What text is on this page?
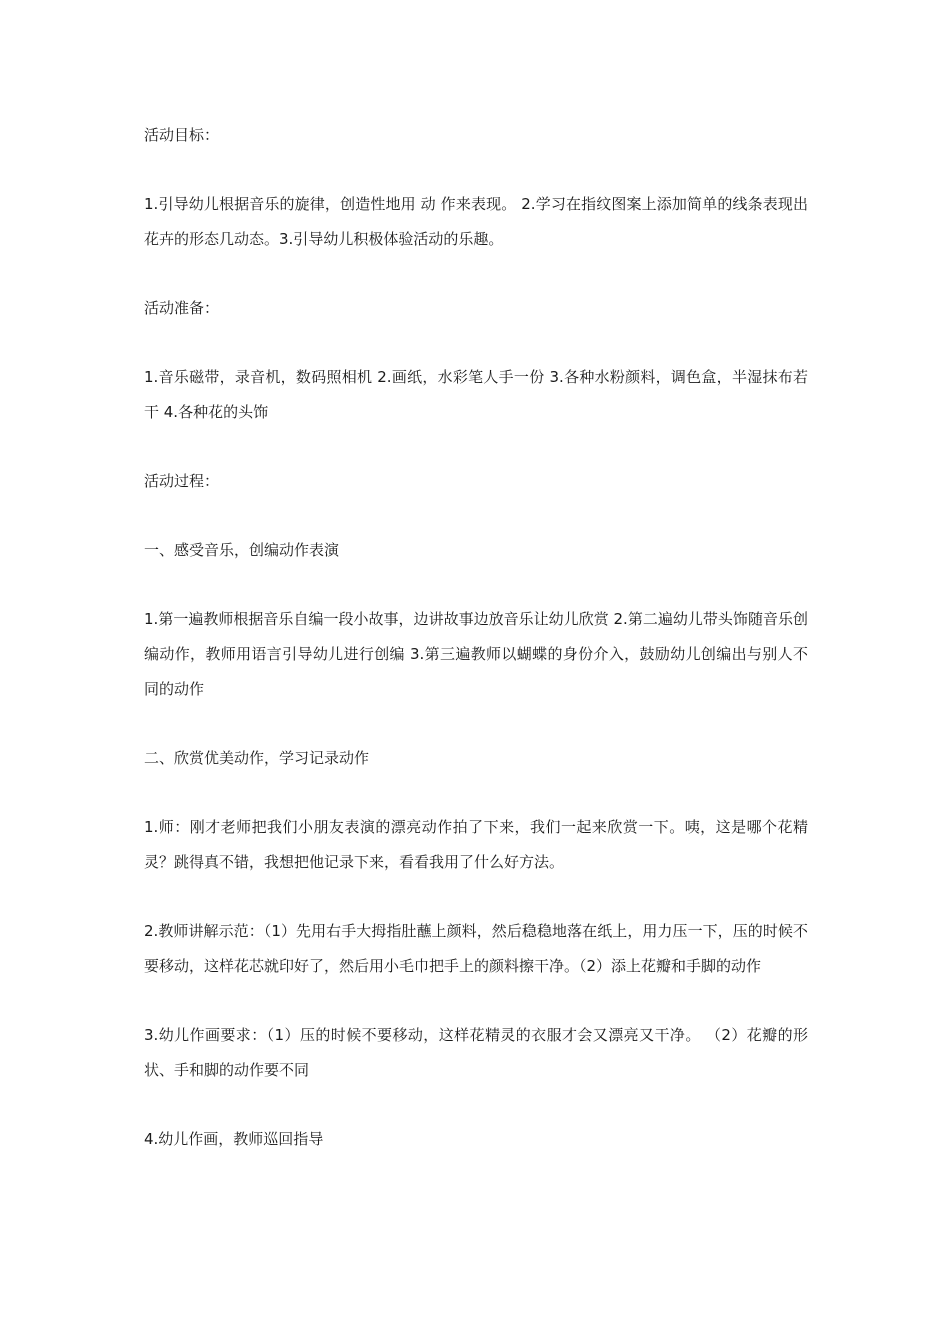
活动目标：

1.引导幼儿根据音乐的旋律，创造性地用 动 作来表现。 2.学习在指纹图案上添加简单的线条表现出花卉的形态几动态。3.引导幼儿积极体验活动的乐趣。

活动准备：

1.音乐磁带，录音机，数码照相机 2.画纸，水彩笔人手一份 3.各种水粉颜料，调色盒，半湿抹布若干 4.各种花的头饰

活动过程：

一、感受音乐，创编动作表演

1.第一遍教师根据音乐自编一段小故事，边讲故事边放音乐让幼儿欣赏 2.第二遍幼儿带头饰随音乐创编动作，教师用语言引导幼儿进行创编 3.第三遍教师以蝴蝶的身份介入，鼓励幼儿创编出与别人不同的动作

二、欣赏优美动作，学习记录动作

1.师：刚才老师把我们小朋友表演的漂亮动作拍了下来，我们一起来欣赏一下。咦，这是哪个花精灵？跳得真不错，我想把他记录下来，看看我用了什么好方法。

2.教师讲解示范：（1）先用右手大拇指肚蘸上颜料，然后稳稳地落在纸上，用力压一下，压的时候不要移动，这样花芯就印好了，然后用小毛巾把手上的颜料擦干净。（2）添上花瓣和手脚的动作

3.幼儿作画要求：（1）压的时候不要移动，这样花精灵的衣服才会又漂亮又干净。 （2）花瓣的形状、手和脚的动作要不同

4.幼儿作画，教师巡回指导
